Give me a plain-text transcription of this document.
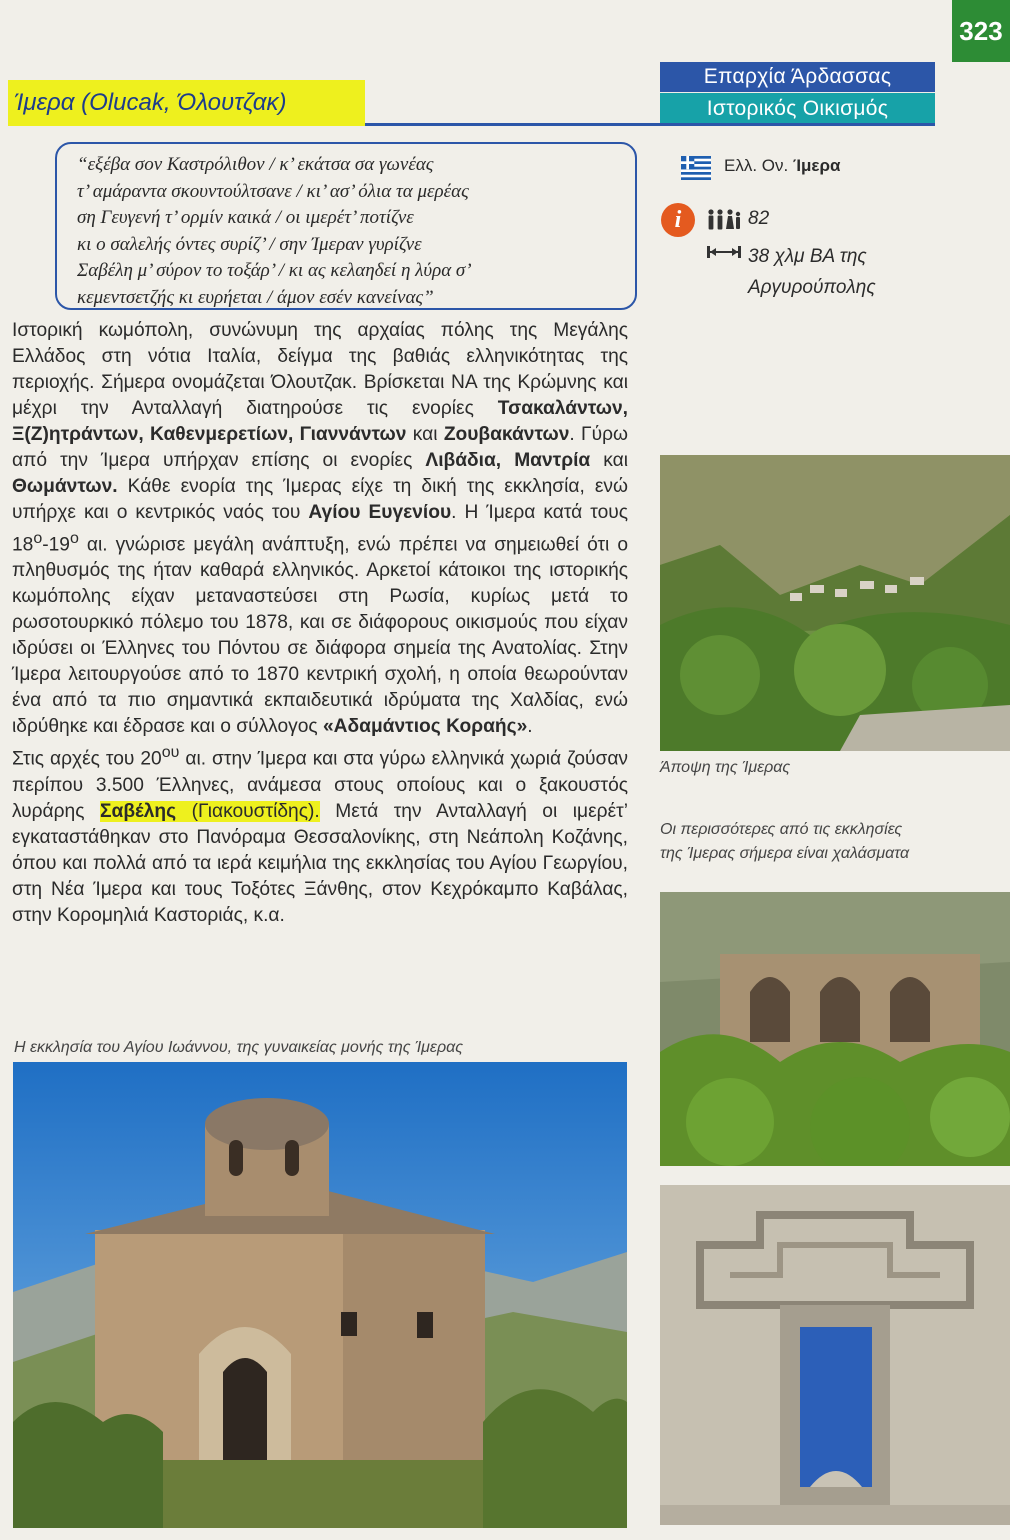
323
Επαρχία Άρδασσας
Ιστορικός Οικισμός
Ίμερα (Olucak, Όλουτζακ)
“εξέβα σον Καστρόλιθον / κ’ εκάτσα σα γωνέας
τ’ αμάραντα σκουντούλτσανε / κι’ ασ’ όλια τα μερέας
ση Γευγενή τ’ ορμίν καικά / οι ιμερέτ’ ποτίζνε
κι ο σαλελής όντες συρίζ’ / σην Ίμεραν γυρίζνε
Σαβέλη μ’ σύρον το τοξάρ’ / κι ας κελαηδεί η λύρα σ’
κεμεντσετζής κι ευρήεται / άμον εσέν κανείνας”
Ελλ. Ον. Ίμερα
i	82
38 χλμ ΒΑ της Αργυρούπολης

Ιστορική κωμόπολη, συνώνυμη της αρχαίας πόλης της Μεγάλης Ελλάδος στη νότια Ιταλία, δείγμα της βαθιάς ελληνικότητας της περιοχής. Σήμερα ονομάζεται Όλουτζακ. Βρίσκεται ΝΑ της Κρώμνης και μέχρι την Ανταλλαγή διατηρούσε τις ενορίες Τσακαλάντων, Ξ(Ζ)ητράντων, Καθενμερετίων, Γιαννάντων και Ζουβακάντων. Γύρω από την Ίμερα υπήρχαν επίσης οι ενορίες Λιβάδια, Μαντρία και Θωμάντων. Κάθε ενορία της Ίμερας είχε τη δική της εκκλησία, ενώ υπήρχε και ο κεντρικός ναός του Αγίου Ευγενίου. Η Ίμερα κατά τους $18^o-19^o$ αι. γνώρισε μεγάλη ανάπτυξη, ενώ πρέπει να σημειωθεί ότι ο πληθυσμός της ήταν καθαρά ελληνικός. Αρκετοί κάτοικοι της ιστορικής κωμόπολης είχαν μεταναστεύσει στη Ρωσία, κυρίως μετά το ρωσοτουρκικό πόλεμο του 1878, και σε διάφορους οικισμούς που είχαν ιδρύσει οι Έλληνες του Πόντου σε διάφορα σημεία της Ανατολίας. Στην Ίμερα λειτουργούσε από το 1870 κεντρική σχολή, η οποία θεωρούνταν ένα από τα πιο σημαντικά εκπαιδευτικά ιδρύματα της Χαλδίας, ενώ ιδρύθηκε και έδρασε και ο σύλλογος «Αδαμάντιος Κοραής».

Στις αρχές του $20^{o\upsilon}$ αι. στην Ίμερα και στα γύρω ελληνικά χωριά ζούσαν περίπου 3.500 Έλληνες, ανάμεσα στους οποίους και ο ξακουστός λυράρης Σαβέλης (Γιακουστίδης). Μετά την Ανταλλαγή οι ιμερέτ’ εγκαταστάθηκαν στο Πανόραμα Θεσσαλονίκης, στη Νεάπολη Κοζάνης, όπου και πολλά από τα ιερά κειμήλια της εκκλησίας του Αγίου Γεωργίου, στη Νέα Ίμερα και τους Τοξότες Ξάνθης, στον Κεχρόκαμπο Καβάλας, στην Κορομηλιά Καστοριάς, κ.α.

Η εκκλησία του Αγίου Ιωάννου, της γυναικείας μονής της Ίμερας
Άποψη της Ίμερας
Οι περισσότερες από τις εκκλησίες της Ίμερας σήμερα είναι χαλάσματα
